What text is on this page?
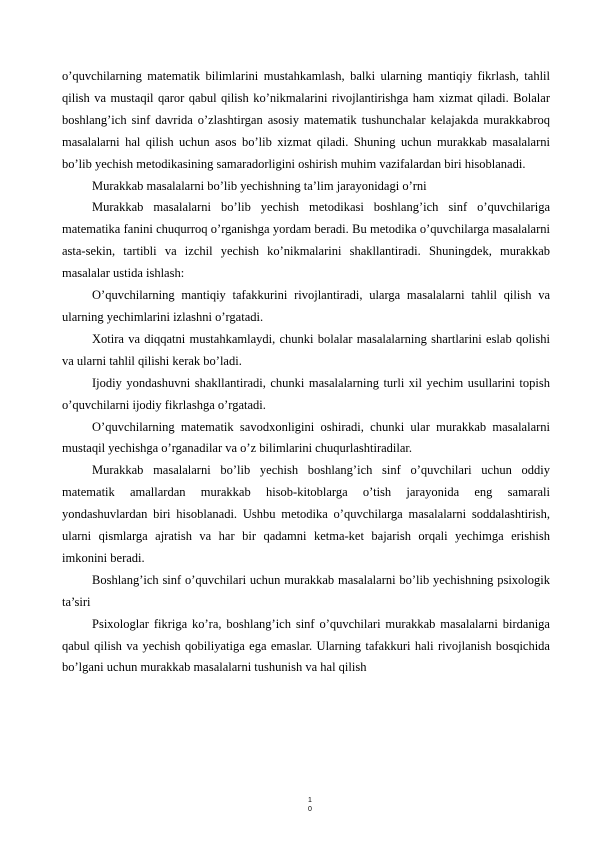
o’quvchilarning matematik bilimlarini mustahkamlash, balki ularning mantiqiy fikrlash, tahlil qilish va mustaqil qaror qabul qilish ko’nikmalarini rivojlantirishga ham xizmat qiladi. Bolalar boshlang’ich sinf davrida o’zlashtirgan asosiy matematik tushunchalar kelajakda murakkabroq masalalarni hal qilish uchun asos bo’lib xizmat qiladi. Shuning uchun murakkab masalalarni bo’lib yechish metodikasining samaradorligini oshirish muhim vazifalardan biri hisoblanadi.

Murakkab masalalarni bo’lib yechishning ta’lim jarayonidagi o’rni

Murakkab masalalarni bo’lib yechish metodikasi boshlang’ich sinf o’quvchilariga matematika fanini chuqurroq o’rganishga yordam beradi. Bu metodika o’quvchilarga masalalarni asta-sekin, tartibli va izchil yechish ko’nikmalarini shakllantiradi. Shuningdek, murakkab masalalar ustida ishlash:

O’quvchilarning mantiqiy tafakkurini rivojlantiradi, ularga masalalarni tahlil qilish va ularning yechimlarini izlashni o’rgatadi.

Xotira va diqqatni mustahkamlaydi, chunki bolalar masalalarning shartlarini eslab qolishi va ularni tahlil qilishi kerak bo’ladi.

Ijodiy yondashuvni shakllantiradi, chunki masalalarning turli xil yechim usullarini topish o’quvchilarni ijodiy fikrlashga o’rgatadi.

O’quvchilarning matematik savodxonligini oshiradi, chunki ular murakkab masalalarni mustaqil yechishga o’rganadilar va o’z bilimlarini chuqurlashtiradilar.

Murakkab masalalarni bo’lib yechish boshlang’ich sinf o’quvchilari uchun oddiy matematik amallardan murakkab hisob-kitoblarga o’tish jarayonida eng samarali yondashuvlardan biri hisoblanadi. Ushbu metodika o’quvchilarga masalalarni soddalashtirish, ularni qismlarga ajratish va har bir qadamni ketma-ket bajarish orqali yechimga erishish imkonini beradi.

Boshlang’ich sinf o’quvchilari uchun murakkab masalalarni bo’lib yechishning psixologik ta’siri

Psixologlar fikriga ko’ra, boshlang’ich sinf o’quvchilari murakkab masalalarni birdaniga qabul qilish va yechish qobiliyatiga ega emaslar. Ularning tafakkuri hali rivojlanish bosqichida bo’lgani uchun murakkab masalalarni tushunish va hal qilish

1
0
